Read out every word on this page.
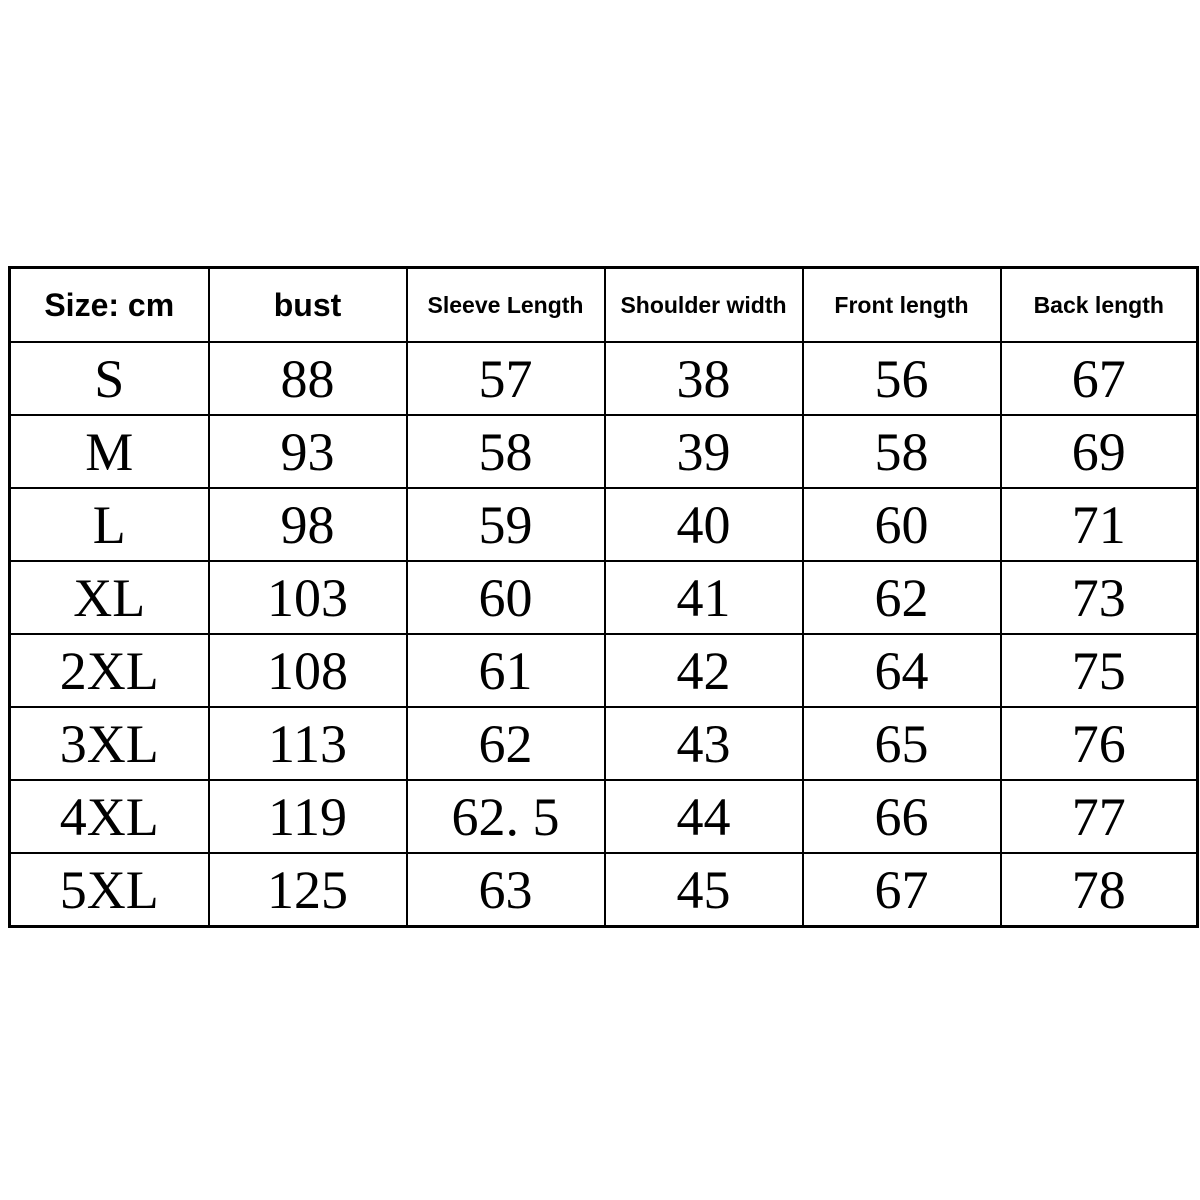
Size: cm	bust	Sleeve Length	Shoulder width	Front length	Back length
S	88	57	38	56	67
M	93	58	39	58	69
L	98	59	40	60	71
XL	103	60	41	62	73
2XL	108	61	42	64	75
3XL	113	62	43	65	76
4XL	119	62. 5	44	66	77
5XL	125	63	45	67	78
